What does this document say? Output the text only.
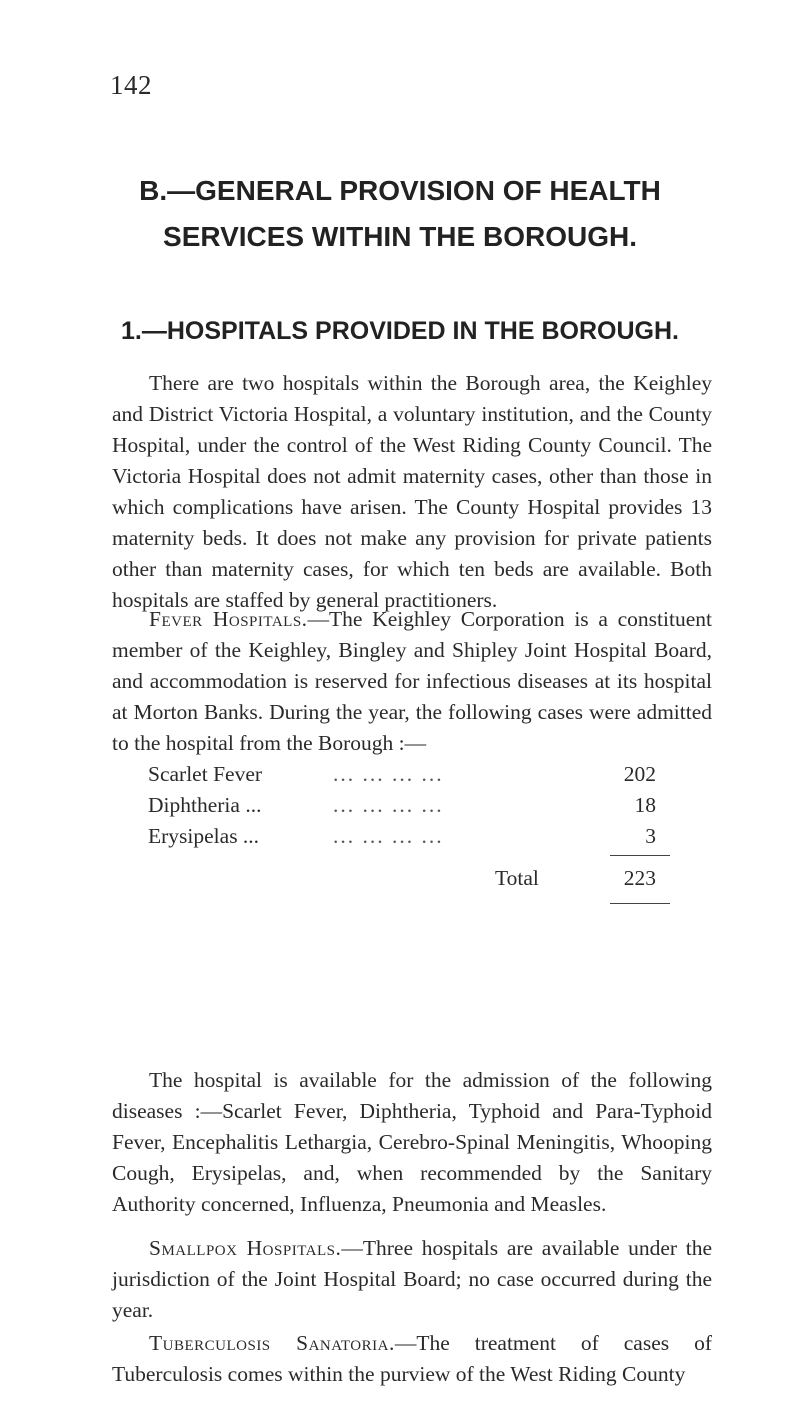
142
B.—GENERAL PROVISION OF HEALTH
SERVICES WITHIN THE BOROUGH.
1.—HOSPITALS PROVIDED IN THE BOROUGH.

There are two hospitals within the Borough area, the Keighley and District Victoria Hospital, a voluntary institution, and the County Hospital, under the control of the West Riding County Council. The Victoria Hospital does not admit maternity cases, other than those in which complications have arisen. The County Hospital provides 13 maternity beds. It does not make any provision for private patients other than maternity cases, for which ten beds are available. Both hospitals are staffed by general practitioners.

Fever Hospitals.—The Keighley Corporation is a constituent member of the Keighley, Bingley and Shipley Joint Hospital Board, and accommodation is reserved for infectious diseases at its hospital at Morton Banks. During the year, the following cases were admitted to the hospital from the Borough :—

Scarlet Fever	... ... ... ...	202
Diphtheria ...	... ... ... ...	18
Erysipelas ...	... ... ... ...	3
Total	223

The hospital is available for the admission of the following diseases :—Scarlet Fever, Diphtheria, Typhoid and Para-Typhoid Fever, Encephalitis Lethargia, Cerebro-Spinal Meningitis, Whooping Cough, Erysipelas, and, when recommended by the Sanitary Authority concerned, Influenza, Pneumonia and Measles.

Smallpox Hospitals.—Three hospitals are available under the jurisdiction of the Joint Hospital Board; no case occurred during the year.

Tuberculosis Sanatoria.—The treatment of cases of Tuberculosis comes within the purview of the West Riding County
